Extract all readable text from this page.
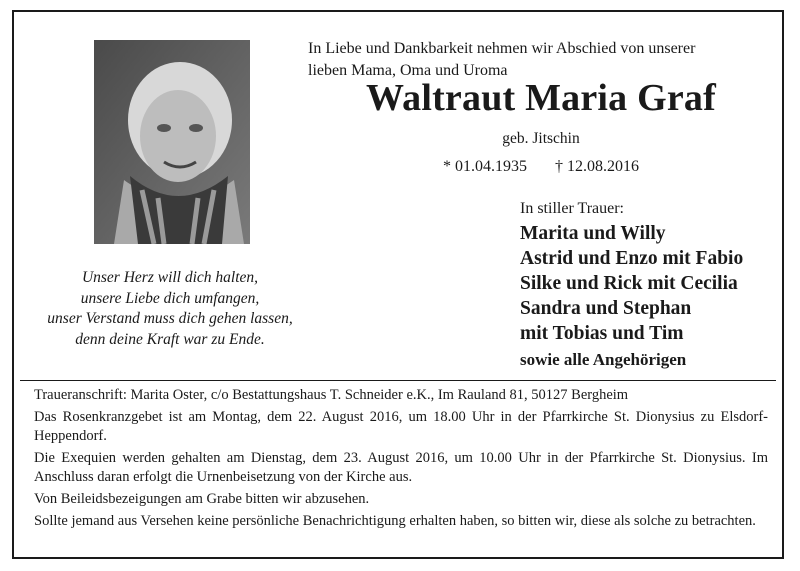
In Liebe und Dankbarkeit nehmen wir Abschied von unserer
lieben Mama, Oma und Uroma
Waltraut Maria Graf
geb. Jitschin
* 01.04.1935 † 12.08.2016
Unser Herz will dich halten,
unsere Liebe dich umfangen,
unser Verstand muss dich gehen lassen,
denn deine Kraft war zu Ende.
In stiller Trauer:
Marita und Willy
Astrid und Enzo mit Fabio
Silke und Rick mit Cecilia
Sandra und Stephan
mit Tobias und Tim
sowie alle Angehörigen

Traueranschrift: Marita Oster, c/o Bestattungshaus T. Schneider e.K., Im Rauland 81, 50127 Bergheim

Das Rosenkranzgebet ist am Montag, dem 22. August 2016, um 18.00 Uhr in der Pfarrkirche St. Dionysius zu Elsdorf-Heppendorf.

Die Exequien werden gehalten am Dienstag, dem 23. August 2016, um 10.00 Uhr in der Pfarrkirche St. Dionysius. Im Anschluss daran erfolgt die Urnenbeisetzung von der Kirche aus.

Von Beileidsbezeigungen am Grabe bitten wir abzusehen.

Sollte jemand aus Versehen keine persönliche Benachrichtigung erhalten haben, so bitten wir, diese als solche zu betrachten.
